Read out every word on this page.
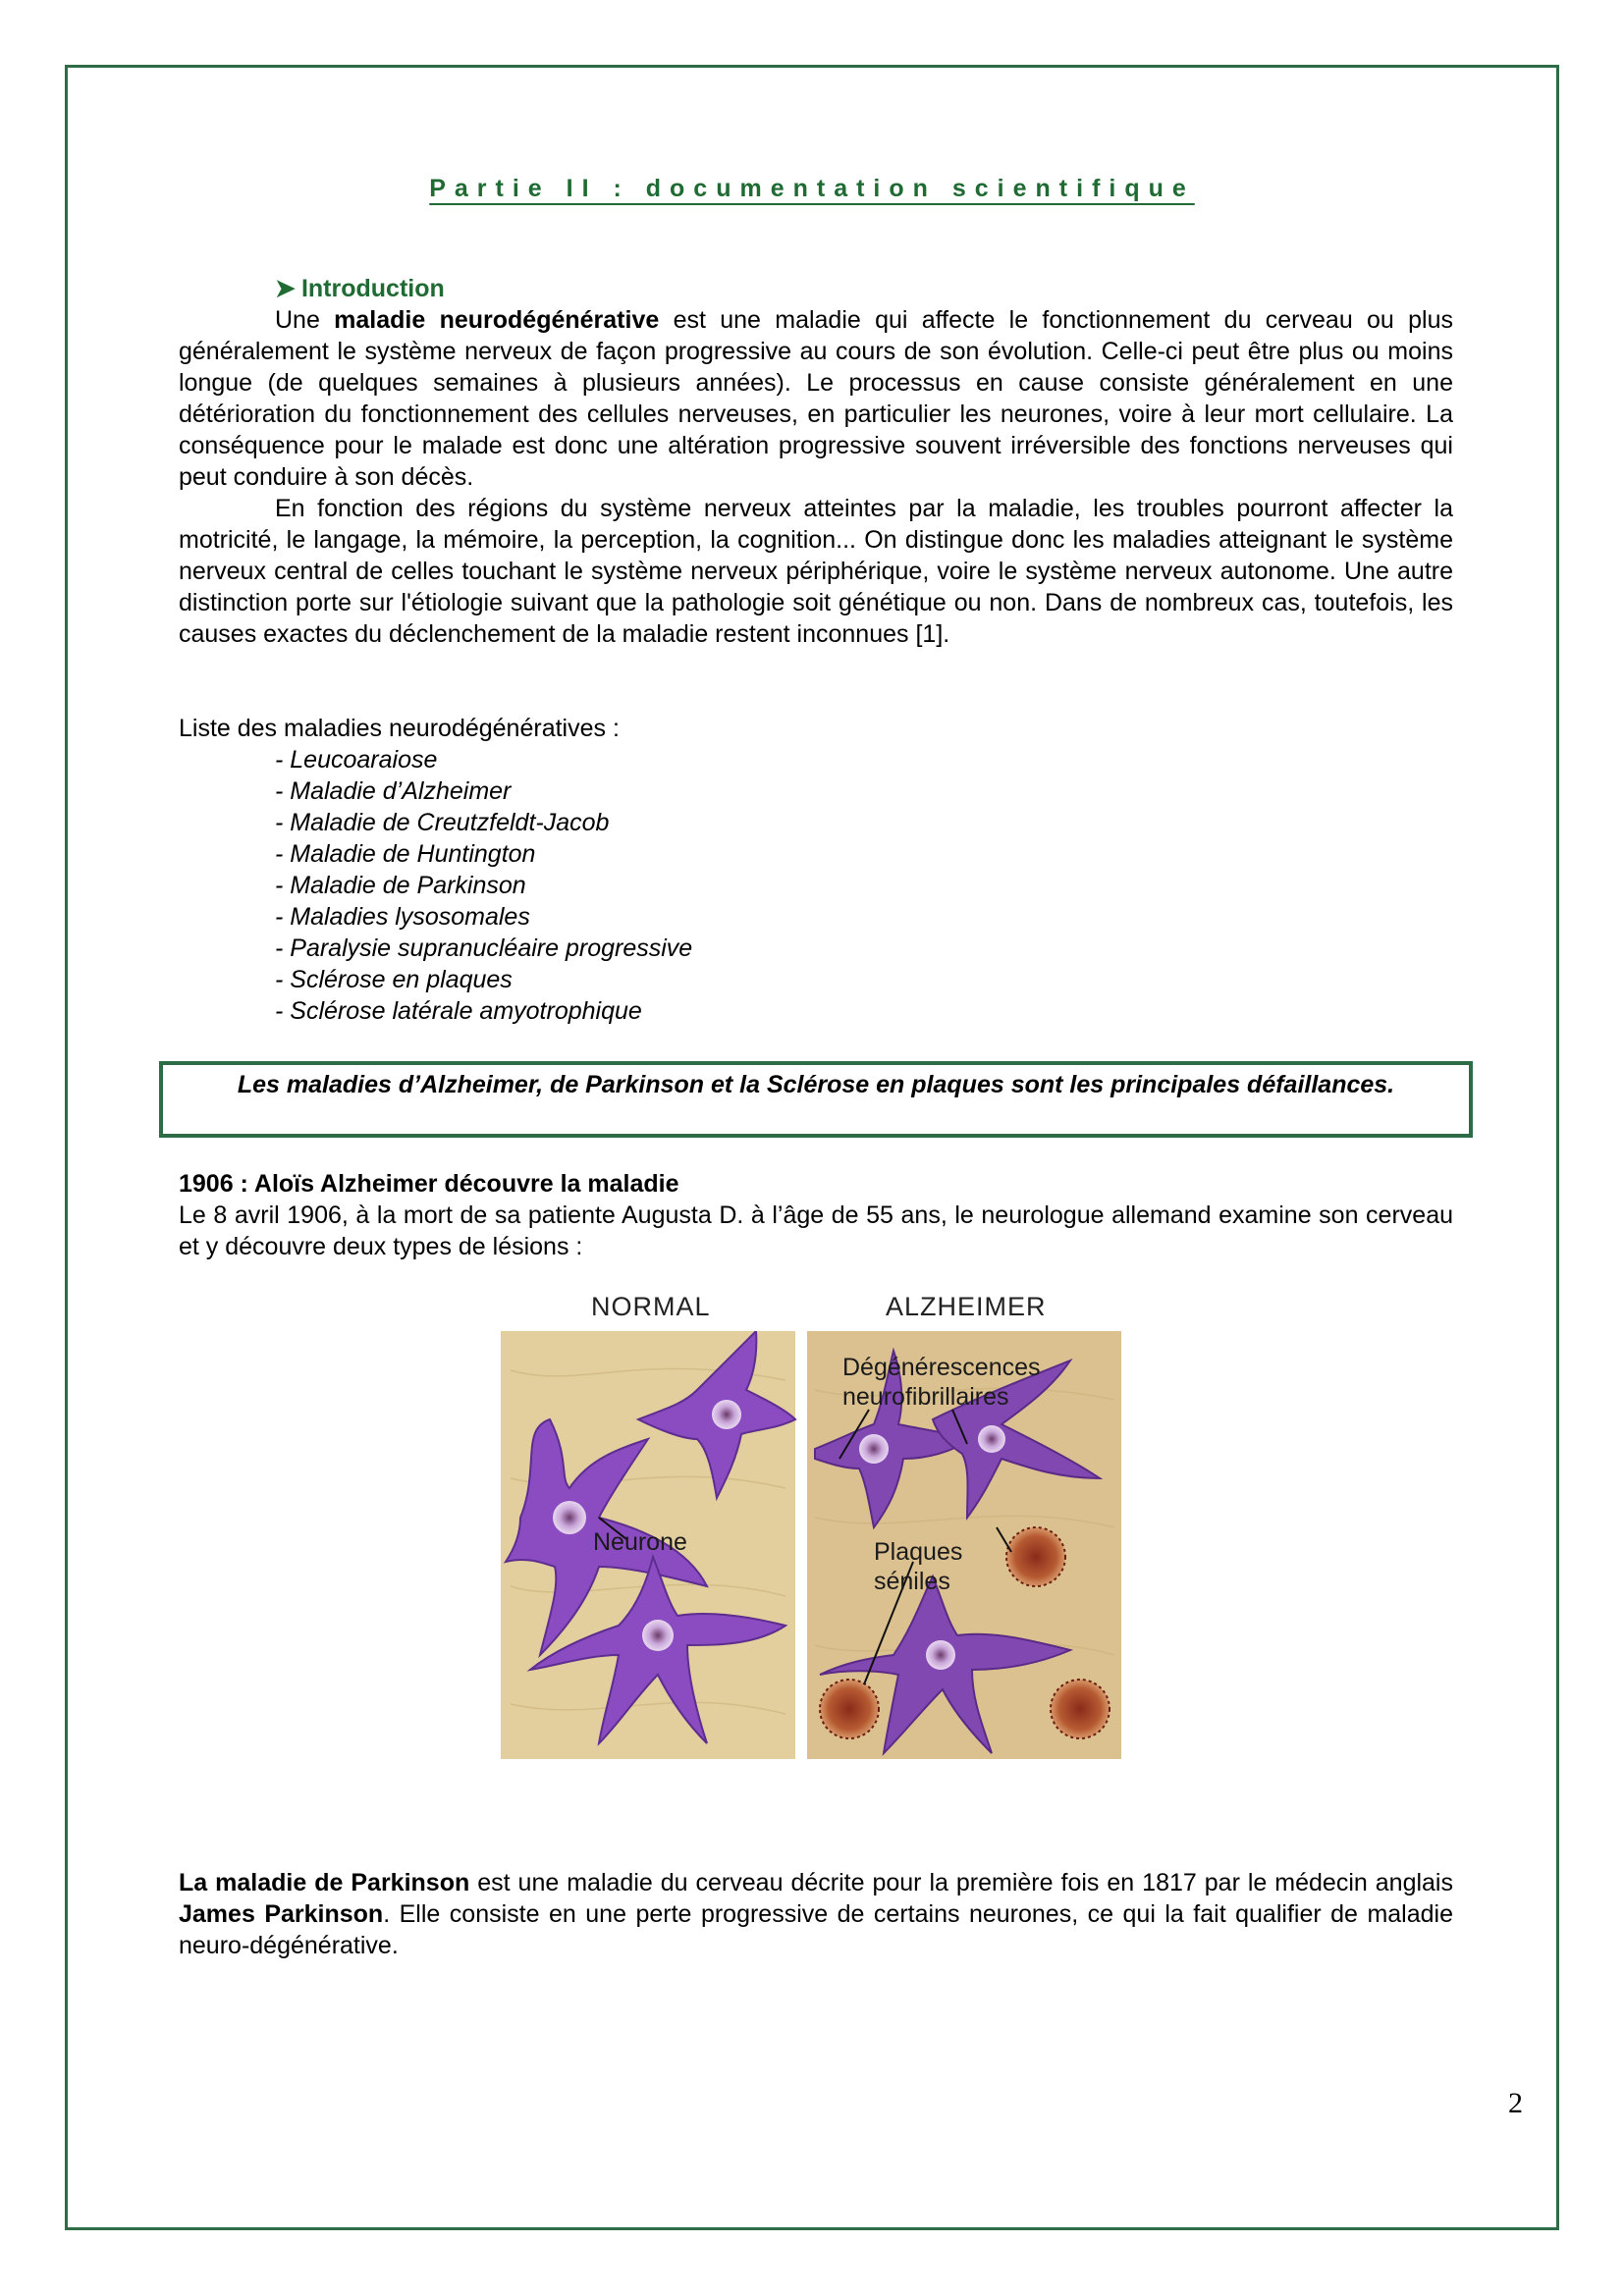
Partie II : documentation scientifique
➤ Introduction
Une maladie neurodégénérative est une maladie qui affecte le fonctionnement du cerveau ou plus généralement le système nerveux de façon progressive au cours de son évolution. Celle-ci peut être plus ou moins longue (de quelques semaines à plusieurs années). Le processus en cause consiste généralement en une détérioration du fonctionnement des cellules nerveuses, en particulier les neurones, voire à leur mort cellulaire. La conséquence pour le malade est donc une altération progressive souvent irréversible des fonctions nerveuses qui peut conduire à son décès.
En fonction des régions du système nerveux atteintes par la maladie, les troubles pourront affecter la motricité, le langage, la mémoire, la perception, la cognition... On distingue donc les maladies atteignant le système nerveux central de celles touchant le système nerveux périphérique, voire le système nerveux autonome. Une autre distinction porte sur l'étiologie suivant que la pathologie soit génétique ou non. Dans de nombreux cas, toutefois, les causes exactes du déclenchement de la maladie restent inconnues [1].
Liste des maladies neurodégénératives :
- Leucoaraiose
- Maladie d’Alzheimer
- Maladie de Creutzfeldt-Jacob
- Maladie de Huntington
- Maladie de Parkinson
- Maladies lysosomales
- Paralysie supranucléaire progressive
- Sclérose en plaques
- Sclérose latérale amyotrophique
Les maladies d’Alzheimer, de Parkinson et la Sclérose en plaques sont les principales défaillances.
1906 : Aloïs Alzheimer découvre la maladie
Le 8 avril 1906, à la mort de sa patiente Augusta D. à l’âge de 55 ans, le neurologue allemand examine son cerveau et y découvre deux types de lésions :
NORMAL	ALZHEIMER
Neurone
Dégénérescences
neurofibrillaires
Plaques
séniles
La maladie de Parkinson est une maladie du cerveau décrite pour la première fois en 1817 par le médecin anglais James Parkinson. Elle consiste en une perte progressive de certains neurones, ce qui la fait qualifier de maladie neuro-dégénérative.
2
